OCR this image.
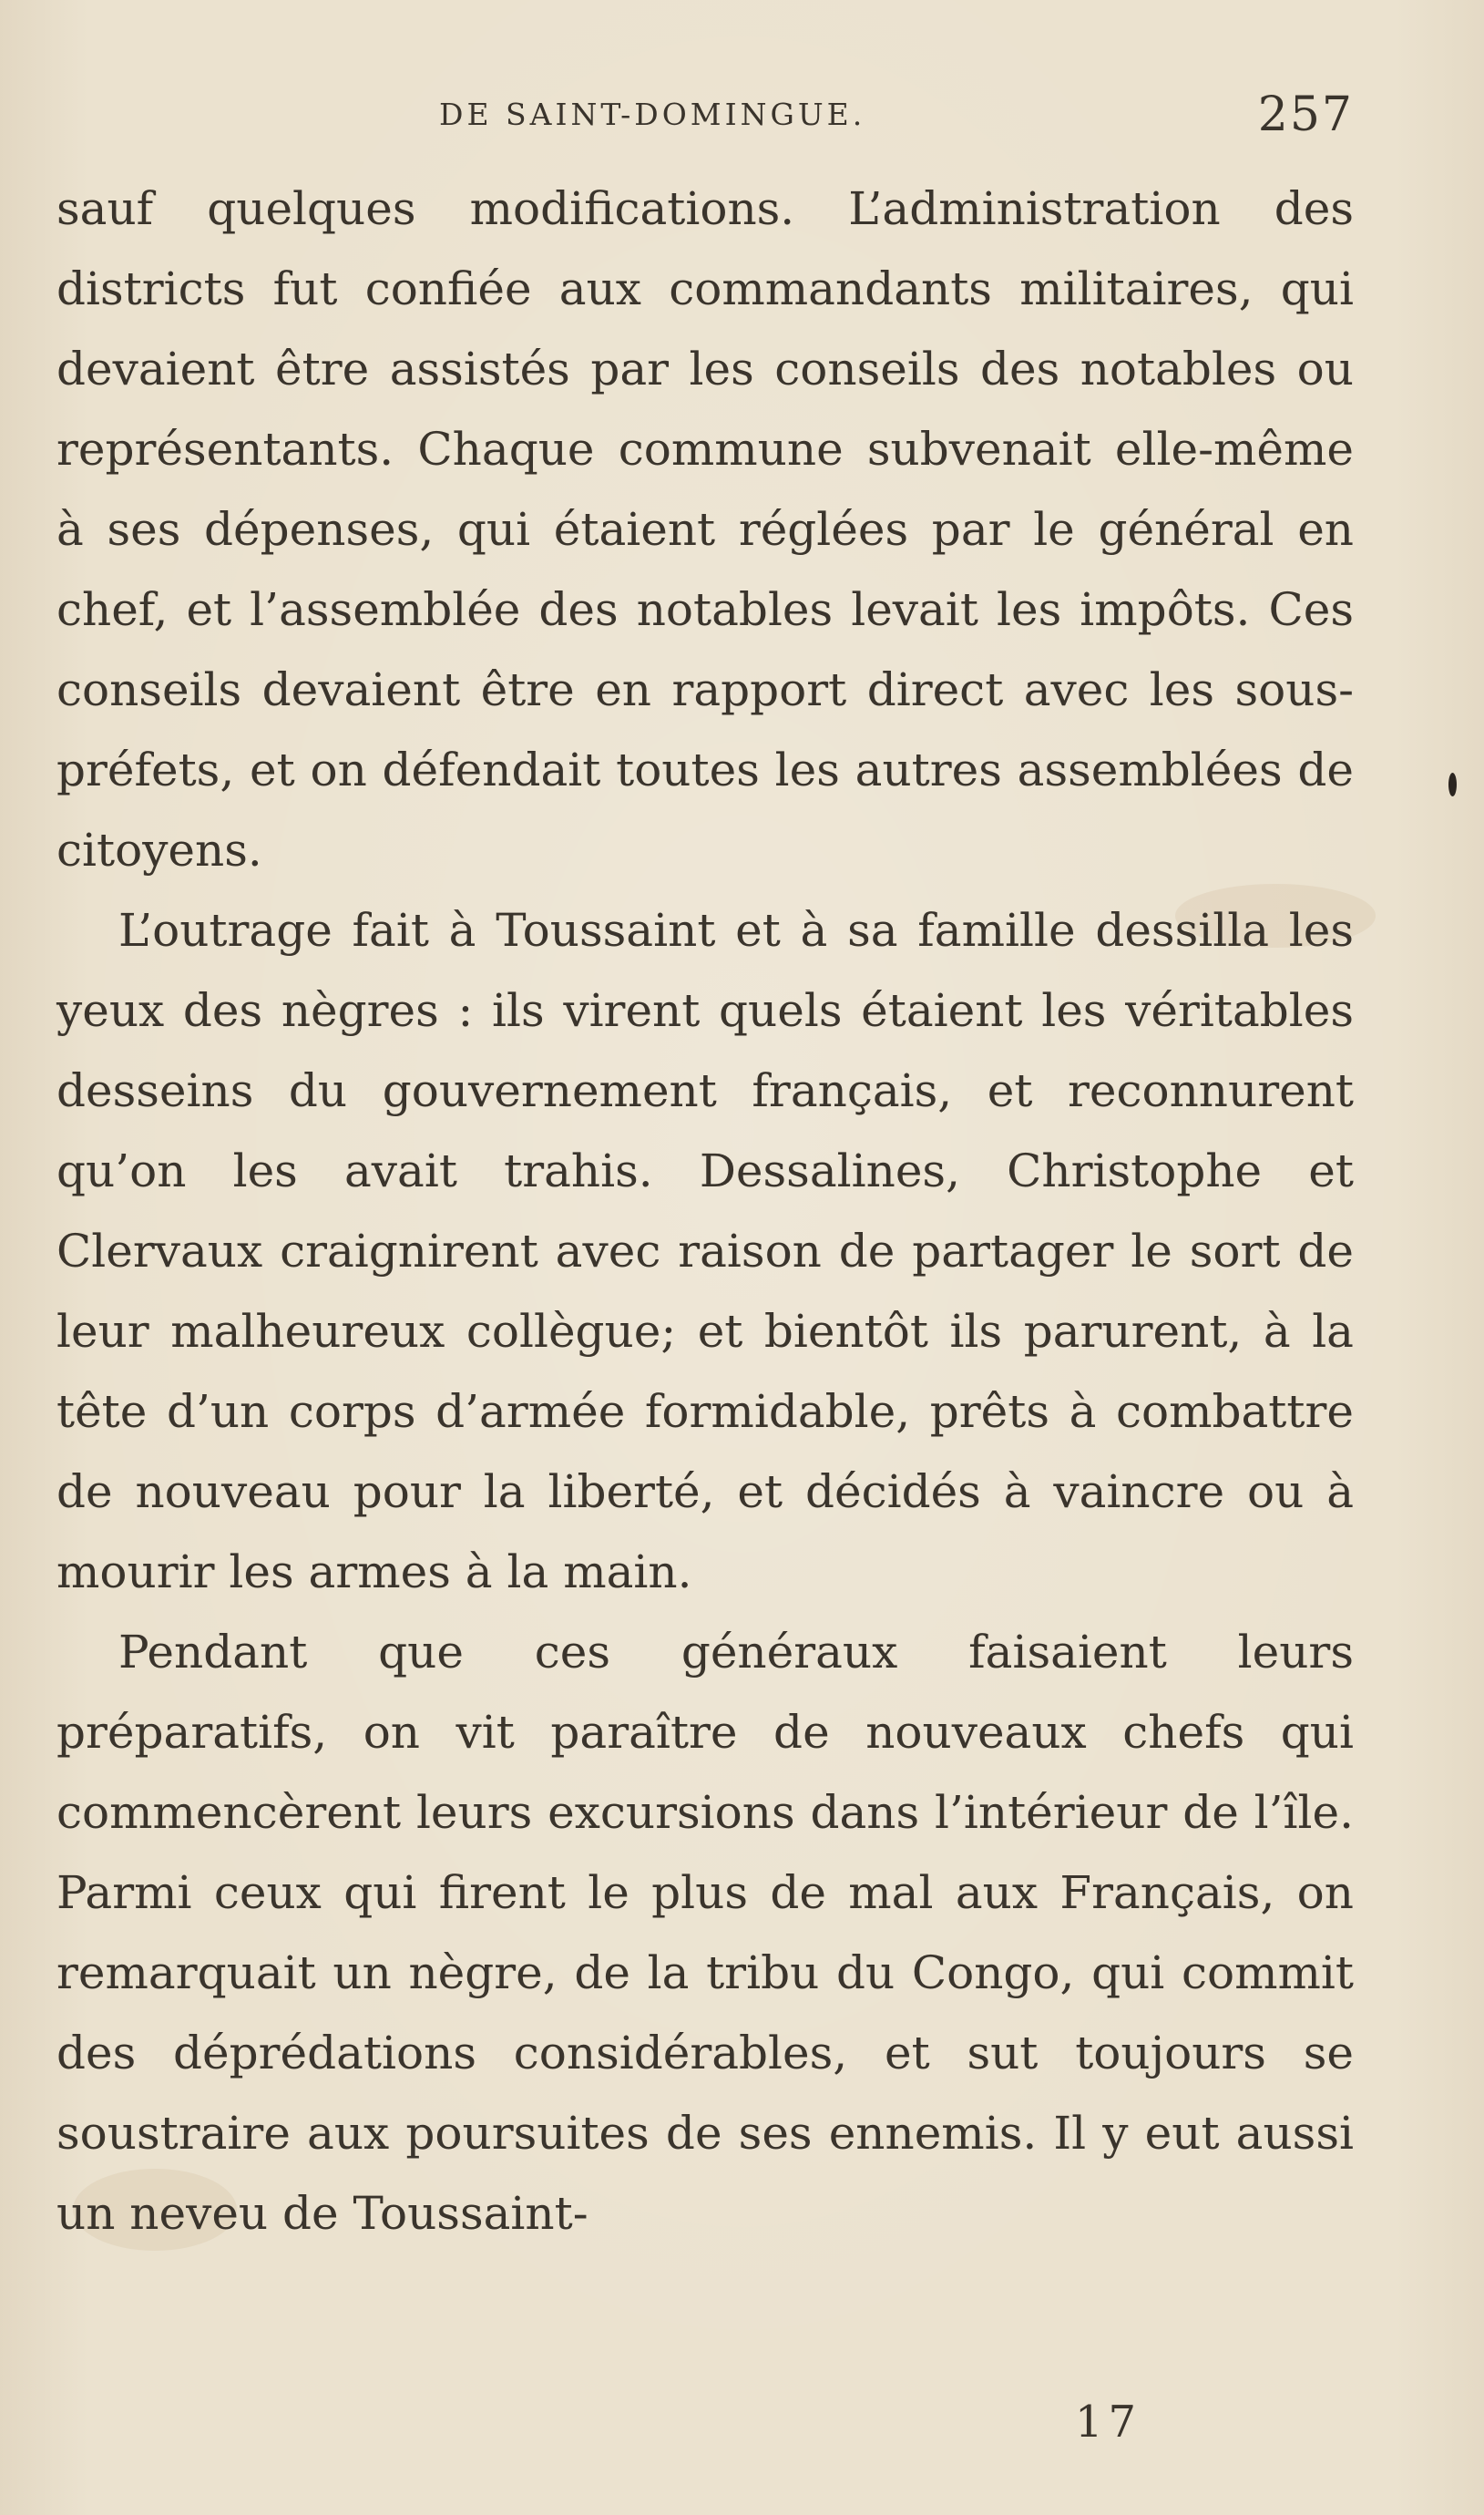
DE SAINT-DOMINGUE.	257

sauf quelques modifications. L’administration des districts fut confiée aux commandants militaires, qui devaient être assistés par les conseils des notables ou représentants. Chaque commune subvenait elle-même à ses dépenses, qui étaient réglées par le général en chef, et l’assemblée des notables levait les impôts. Ces conseils devaient être en rapport direct avec les sous-préfets, et on défendait toutes les autres assemblées de citoyens.

L’outrage fait à Toussaint et à sa famille dessilla les yeux des nègres : ils virent quels étaient les véritables desseins du gouvernement français, et reconnurent qu’on les avait trahis. Dessalines, Christophe et Clervaux craignirent avec raison de partager le sort de leur malheureux collègue; et bientôt ils parurent, à la tête d’un corps d’armée formidable, prêts à combattre de nouveau pour la liberté, et décidés à vaincre ou à mourir les armes à la main.

Pendant que ces généraux faisaient leurs préparatifs, on vit paraître de nouveaux chefs qui commencèrent leurs excursions dans l’intérieur de l’île. Parmi ceux qui firent le plus de mal aux Français, on remarquait un nègre, de la tribu du Congo, qui commit des déprédations considérables, et sut toujours se soustraire aux poursuites de ses ennemis. Il y eut aussi un neveu de Toussaint-

17
